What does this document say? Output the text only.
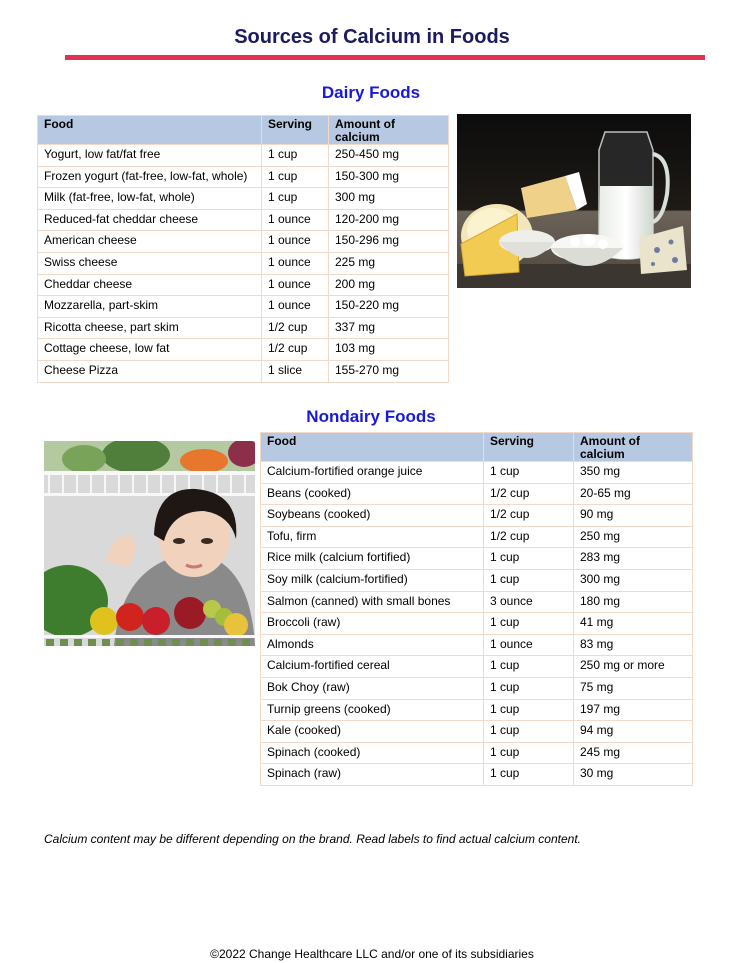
Sources of Calcium in Foods
Dairy Foods
Food	Serving	Amount of calcium
Yogurt, low fat/fat free	1 cup	250-450 mg
Frozen yogurt (fat-free, low-fat, whole)	1 cup	150-300 mg
Milk (fat-free, low-fat, whole)	1 cup	300 mg
Reduced-fat cheddar cheese	1 ounce	120-200 mg
American cheese	1 ounce	150-296 mg
Swiss cheese	1 ounce	225 mg
Cheddar cheese	1 ounce	200 mg
Mozzarella, part-skim	1 ounce	150-220 mg
Ricotta cheese, part skim	1/2 cup	337 mg
Cottage cheese, low fat	1/2 cup	103 mg
Cheese Pizza	1 slice	155-270 mg
Nondairy Foods
Food	Serving	Amount of calcium
Calcium-fortified orange juice	1 cup	350 mg
Beans (cooked)	1/2 cup	20-65 mg
Soybeans (cooked)	1/2 cup	90 mg
Tofu, firm	1/2 cup	250 mg
Rice milk (calcium fortified)	1 cup	283 mg
Soy milk (calcium-fortified)	1 cup	300 mg
Salmon (canned) with small bones	3 ounce	180 mg
Broccoli (raw)	1 cup	41 mg
Almonds	1 ounce	83 mg
Calcium-fortified cereal	1 cup	250 mg or more
Bok Choy (raw)	1 cup	75 mg
Turnip greens (cooked)	1 cup	197 mg
Kale (cooked)	1 cup	94 mg
Spinach (cooked)	1 cup	245 mg
Spinach (raw)	1 cup	30 mg
Calcium content may be different depending on the brand. Read labels to find actual calcium content.
©2022 Change Healthcare LLC and/or one of its subsidiaries
